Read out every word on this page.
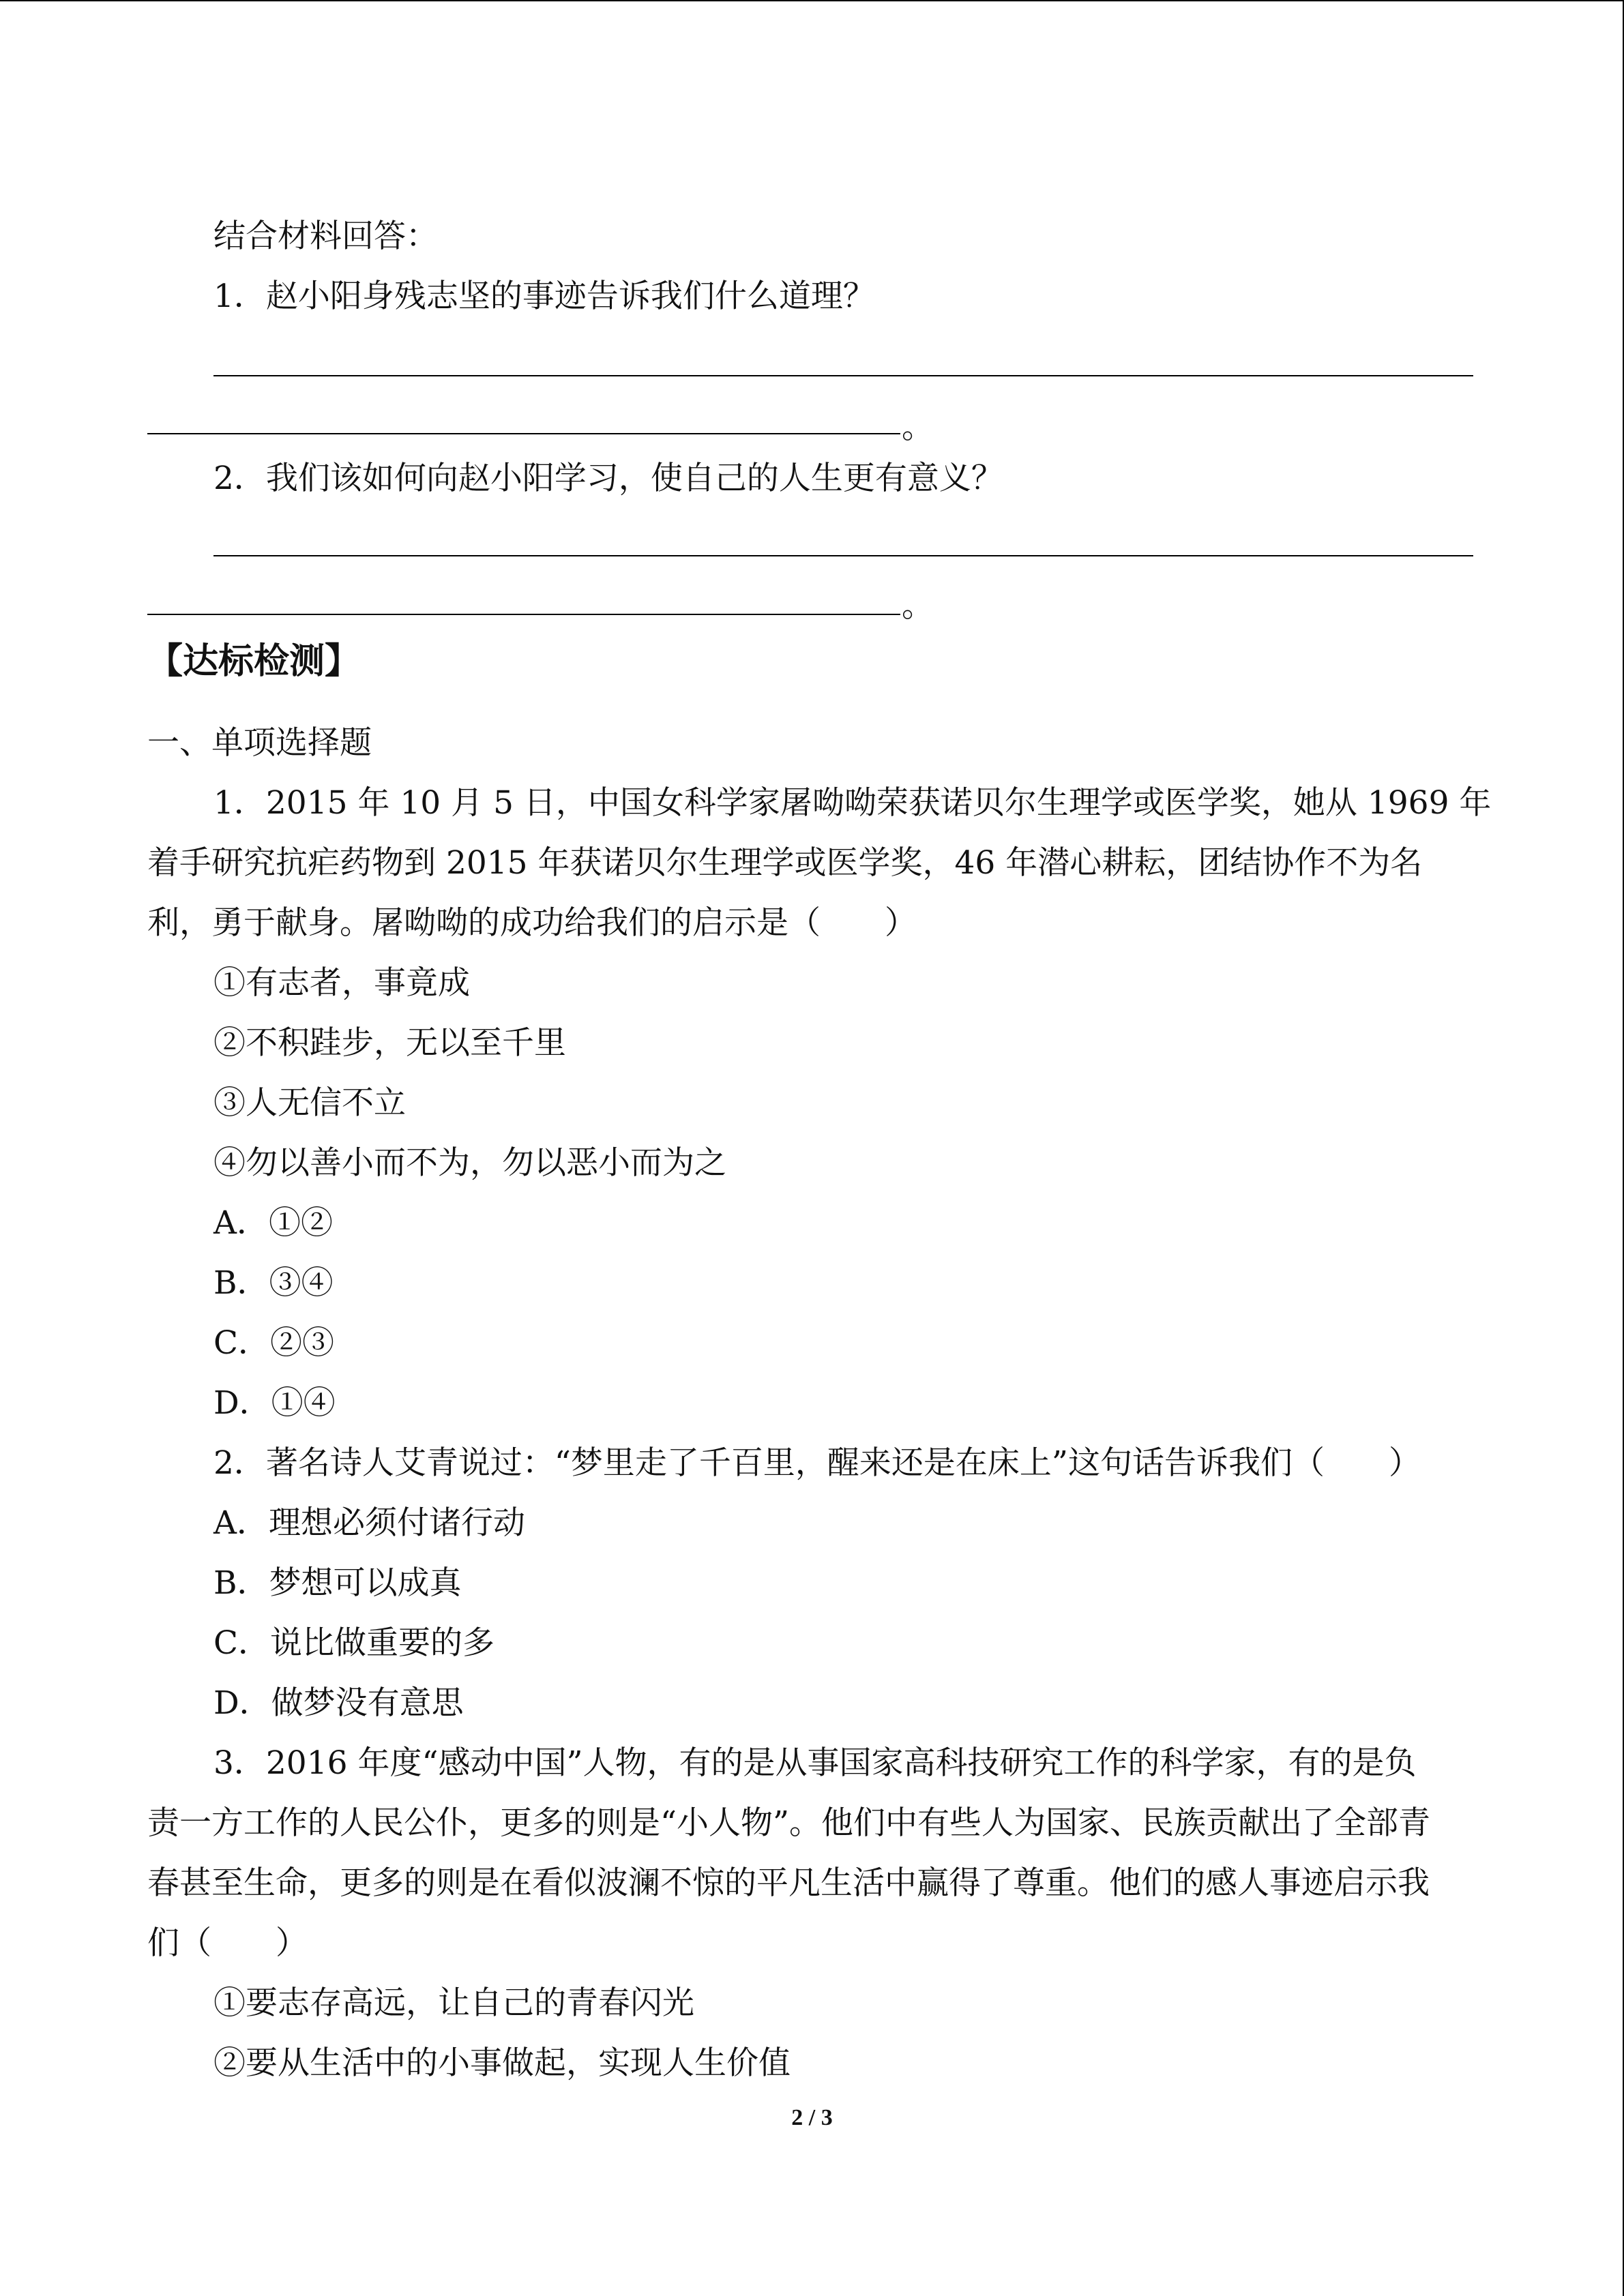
结合材料回答：
1．赵小阳身残志坚的事迹告诉我们什么道理？
。
2．我们该如何向赵小阳学习，使自己的人生更有意义？
。
【达标检测】
一、单项选择题
1．2015 年 10 月 5 日，中国女科学家屠呦呦荣获诺贝尔生理学或医学奖，她从 1969 年
着手研究抗疟药物到 2015 年获诺贝尔生理学或医学奖，46 年潜心耕耘，团结协作不为名
利，勇于献身。屠呦呦的成功给我们的启示是（　　）
①有志者，事竟成
②不积跬步，无以至千里
③人无信不立
④勿以善小而不为，勿以恶小而为之
A．①②
B．③④
C．②③
D．①④
2．著名诗人艾青说过：“梦里走了千百里，醒来还是在床上”这句话告诉我们（　　）
A．理想必须付诸行动
B．梦想可以成真
C．说比做重要的多
D．做梦没有意思
3．2016 年度“感动中国”人物，有的是从事国家高科技研究工作的科学家，有的是负
责一方工作的人民公仆，更多的则是“小人物”。他们中有些人为国家、民族贡献出了全部青
春甚至生命，更多的则是在看似波澜不惊的平凡生活中赢得了尊重。他们的感人事迹启示我
们（　　）
①要志存高远，让自己的青春闪光
②要从生活中的小事做起，实现人生价值
2 / 3
